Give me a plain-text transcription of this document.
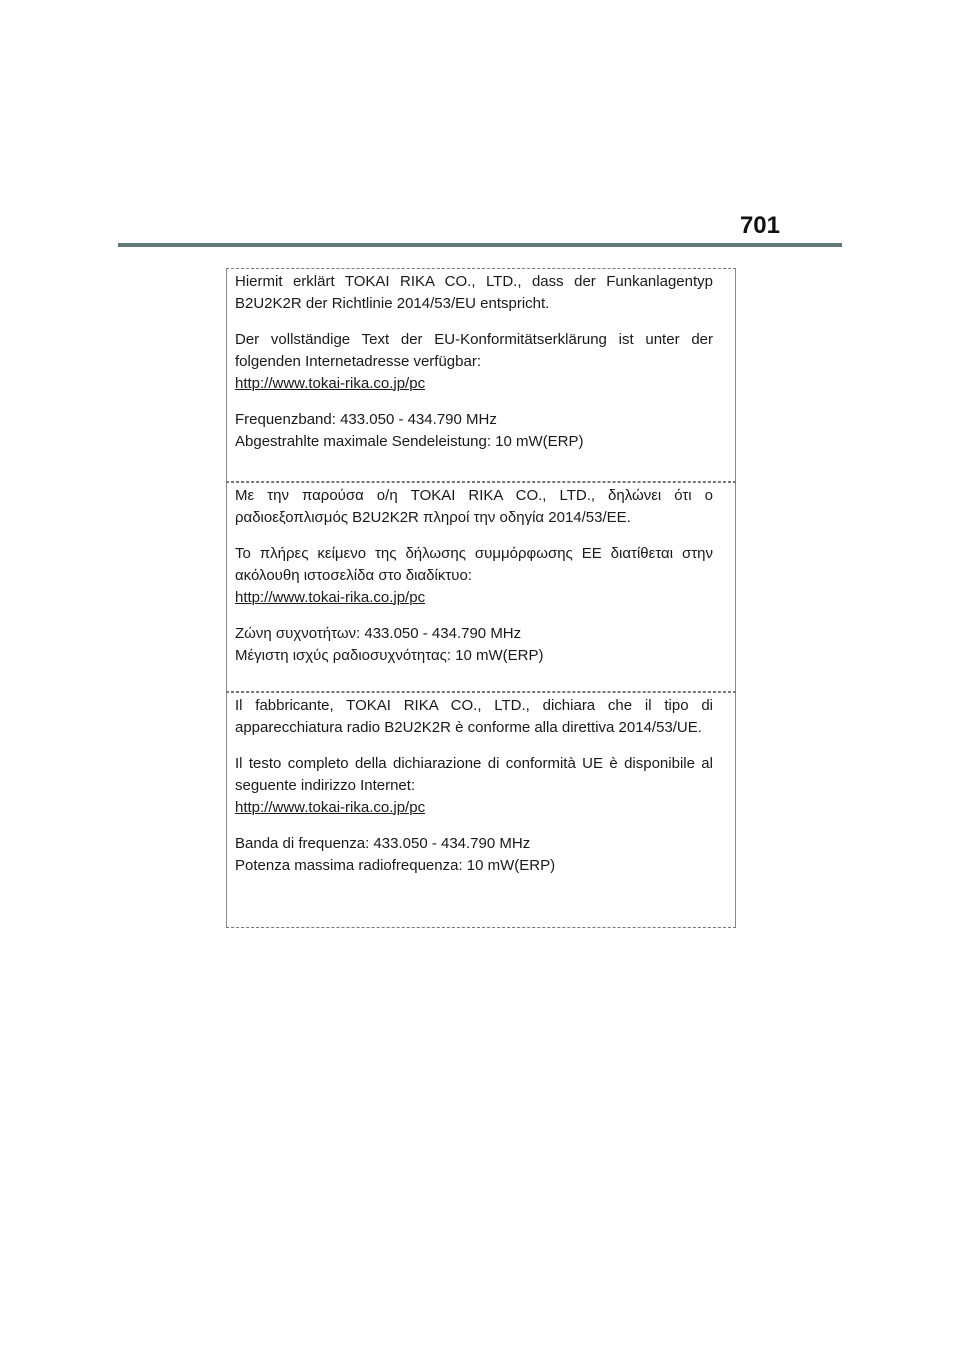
701

Hiermit erklärt TOKAI RIKA CO., LTD., dass der Funkanlagentyp B2U2K2R der Richtlinie 2014/53/EU entspricht.

Der vollständige Text der EU-Konformitätserklärung ist unter der folgenden Internetadresse verfügbar:

http://www.tokai-rika.co.jp/pc

Frequenzband: 433.050 - 434.790 MHz

Abgestrahlte maximale Sendeleistung: 10 mW(ERP)

Με την παρούσα ο/η TOKAI RIKA CO., LTD., δηλώνει ότι ο ραδιοεξοπλισμός B2U2K2R πληροί την οδηγία 2014/53/ΕΕ.

Το πλήρες κείμενο της δήλωσης συμμόρφωσης ΕΕ διατίθεται στην ακόλουθη ιστοσελίδα στο διαδίκτυο:

http://www.tokai-rika.co.jp/pc

Ζώνη συχνοτήτων: 433.050 - 434.790 MHz

Μέγιστη ισχύς ραδιοσυχνότητας: 10 mW(ERP)

Il fabbricante, TOKAI RIKA CO., LTD., dichiara che il tipo di apparecchiatura radio B2U2K2R è conforme alla direttiva 2014/53/UE.

Il testo completo della dichiarazione di conformità UE è disponibile al seguente indirizzo Internet:

http://www.tokai-rika.co.jp/pc

Banda di frequenza: 433.050 - 434.790 MHz

Potenza massima radiofrequenza: 10 mW(ERP)
